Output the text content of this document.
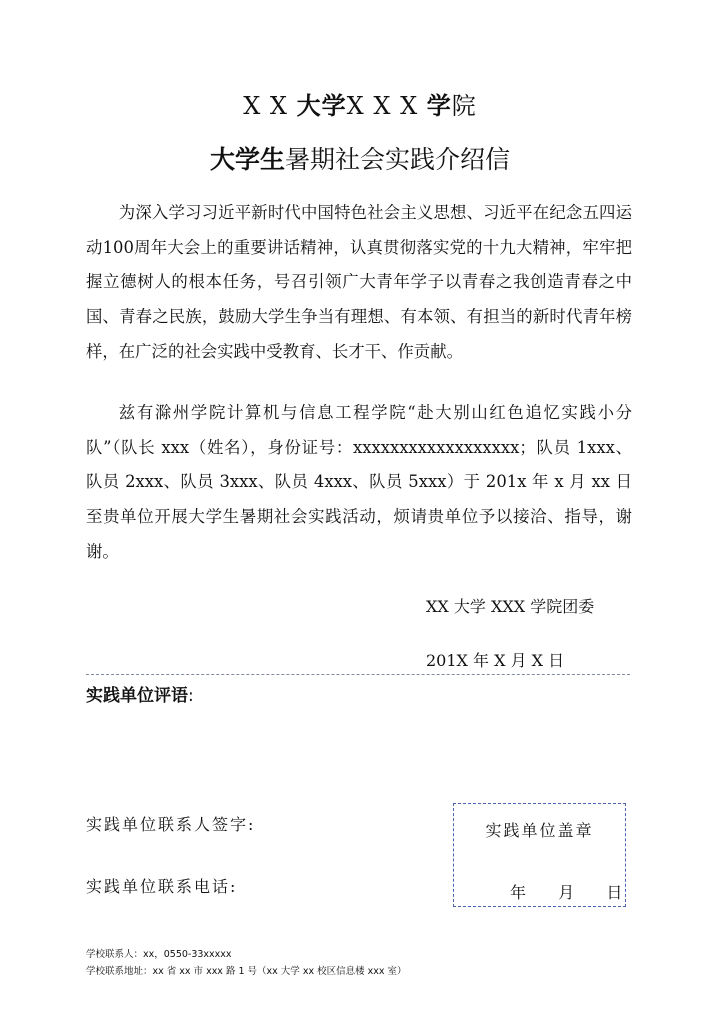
X X 大学X X X 学院
大学生暑期社会实践介绍信

为深入学习习近平新时代中国特色社会主义思想、习近平在纪念五四运动100周年大会上的重要讲话精神，认真贯彻落实党的十九大精神，牢牢把握立德树人的根本任务，号召引领广大青年学子以青春之我创造青春之中国、青春之民族，鼓励大学生争当有理想、有本领、有担当的新时代青年榜样，在广泛的社会实践中受教育、长才干、作贡献。

兹有滁州学院计算机与信息工程学院“赴大别山红色追忆实践小分队”（队长 xxx（姓名），身份证号：xxxxxxxxxxxxxxxxxx；队员 1xxx、队员 2xxx、队员 3xxx、队员 4xxx、队员 5xxx）于 201x 年 x 月 xx 日至贵单位开展大学生暑期社会实践活动，烦请贵单位予以接洽、指导，谢谢。

XX 大学 XXX 学院团委
201X 年 X 月 X 日
实践单位评语:
实践单位联系人签字:
实践单位联系电话:
实践单位盖章
年 月 日
学校联系人：xx，0550-33xxxxx
学校联系地址：xx 省 xx 市 xxx 路 1 号（xx 大学 xx 校区信息楼 xxx 室）
